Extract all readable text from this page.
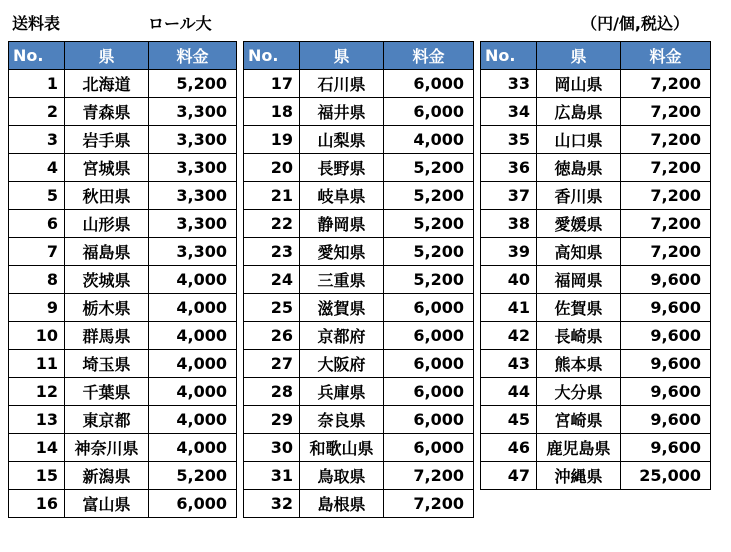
送料表	ロール大	（円/個,税込）
No.	県	料金
1	北海道	5,200
2	青森県	3,300
3	岩手県	3,300
4	宮城県	3,300
5	秋田県	3,300
6	山形県	3,300
7	福島県	3,300
8	茨城県	4,000
9	栃木県	4,000
10	群馬県	4,000
11	埼玉県	4,000
12	千葉県	4,000
13	東京都	4,000
14	神奈川県	4,000
15	新潟県	5,200
16	富山県	6,000
No.	県	料金
17	石川県	6,000
18	福井県	6,000
19	山梨県	4,000
20	長野県	5,200
21	岐阜県	5,200
22	静岡県	5,200
23	愛知県	5,200
24	三重県	5,200
25	滋賀県	6,000
26	京都府	6,000
27	大阪府	6,000
28	兵庫県	6,000
29	奈良県	6,000
30	和歌山県	6,000
31	鳥取県	7,200
32	島根県	7,200
No.	県	料金
33	岡山県	7,200
34	広島県	7,200
35	山口県	7,200
36	徳島県	7,200
37	香川県	7,200
38	愛媛県	7,200
39	高知県	7,200
40	福岡県	9,600
41	佐賀県	9,600
42	長崎県	9,600
43	熊本県	9,600
44	大分県	9,600
45	宮崎県	9,600
46	鹿児島県	9,600
47	沖縄県	25,000
